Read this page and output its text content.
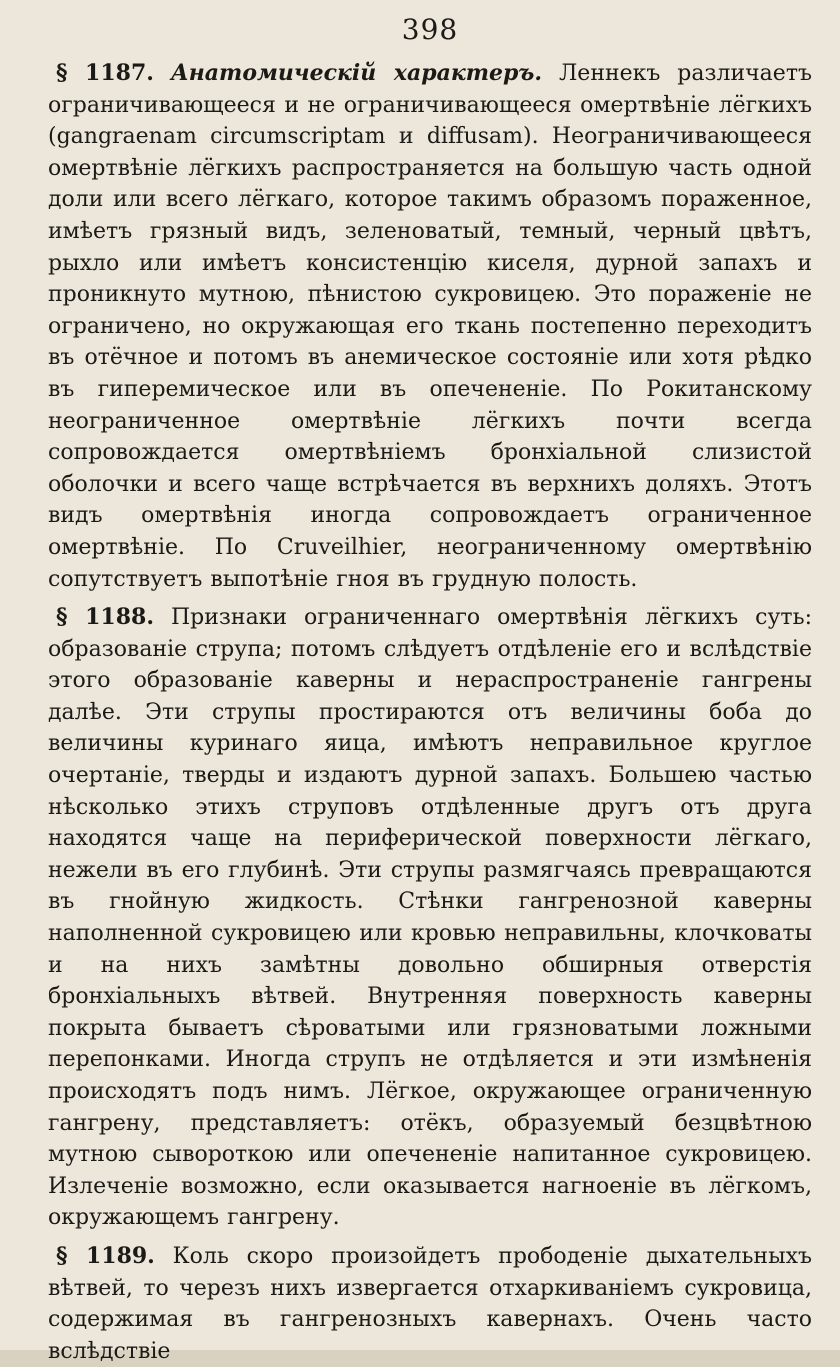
398

§ 1187. Анатомическій характеръ. Леннекъ различаетъ ограничивающееся и не ограничивающееся омертвѣніе лёгкихъ (gangraenam circumscriptam и diffusam). Неограничивающееся омертвѣніе лёгкихъ распространяется на большую часть одной доли или всего лёгкаго, которое такимъ образомъ пораженное, имѣетъ грязный видъ, зеленоватый, темный, черный цвѣтъ, рыхло или имѣетъ консистенцію киселя, дурной запахъ и проникнуто мутною, пѣнистою сукровицею. Это пораженіе не ограничено, но окружающая его ткань постепенно переходитъ въ отёчное и потомъ въ анемическое состояніе или хотя рѣдко въ гиперемическое или въ опечененіе. По Рокитанскому неограниченное омертвѣніе лёгкихъ почти всегда сопровождается омертвѣніемъ бронхіальной слизистой оболочки и всего чаще встрѣчается въ верхнихъ доляхъ. Этотъ видъ омертвѣнія иногда сопровождаетъ ограниченное омертвѣніе. По Cruveilhier, неограниченному омертвѣнію сопутствуетъ выпотѣніе гноя въ грудную полость.

§ 1188. Признаки ограниченнаго омертвѣнія лёгкихъ суть: образованіе струпа; потомъ слѣдуетъ отдѣленіе его и вслѣдствіе этого образованіе каверны и нераспространеніе гангрены далѣе. Эти струпы простираются отъ величины боба до величины куринаго яица, имѣютъ неправильное круглое очертаніе, тверды и издаютъ дурной запахъ. Большею частью нѣсколько этихъ струповъ отдѣленные другъ отъ друга находятся чаще на периферической поверхности лёгкаго, нежели въ его глубинѣ. Эти струпы размягчаясь превращаются въ гнойную жидкость. Стѣнки гангренозной каверны наполненной сукровицею или кровью неправильны, клочковаты и на нихъ замѣтны довольно обширныя отверстія бронхіальныхъ вѣтвей. Внутренняя поверхность каверны покрыта бываетъ сѣроватыми или грязноватыми ложными перепонками. Иногда струпъ не отдѣляется и эти измѣненія происходятъ подъ нимъ. Лёгкое, окружающее ограниченную гангрену, представляетъ: отёкъ, образуемый безцвѣтною мутною сывороткою или опечененіе напитанное сукровицею. Излеченіе возможно, если оказывается нагноеніе въ лёгкомъ, окружающемъ гангрену.

§ 1189. Коль скоро произойдетъ прободеніе дыхательныхъ вѣтвей, то черезъ нихъ извергается отхаркиваніемъ сукровица, содержимая въ гангренозныхъ кавернахъ. Очень часто вслѣдствіе
